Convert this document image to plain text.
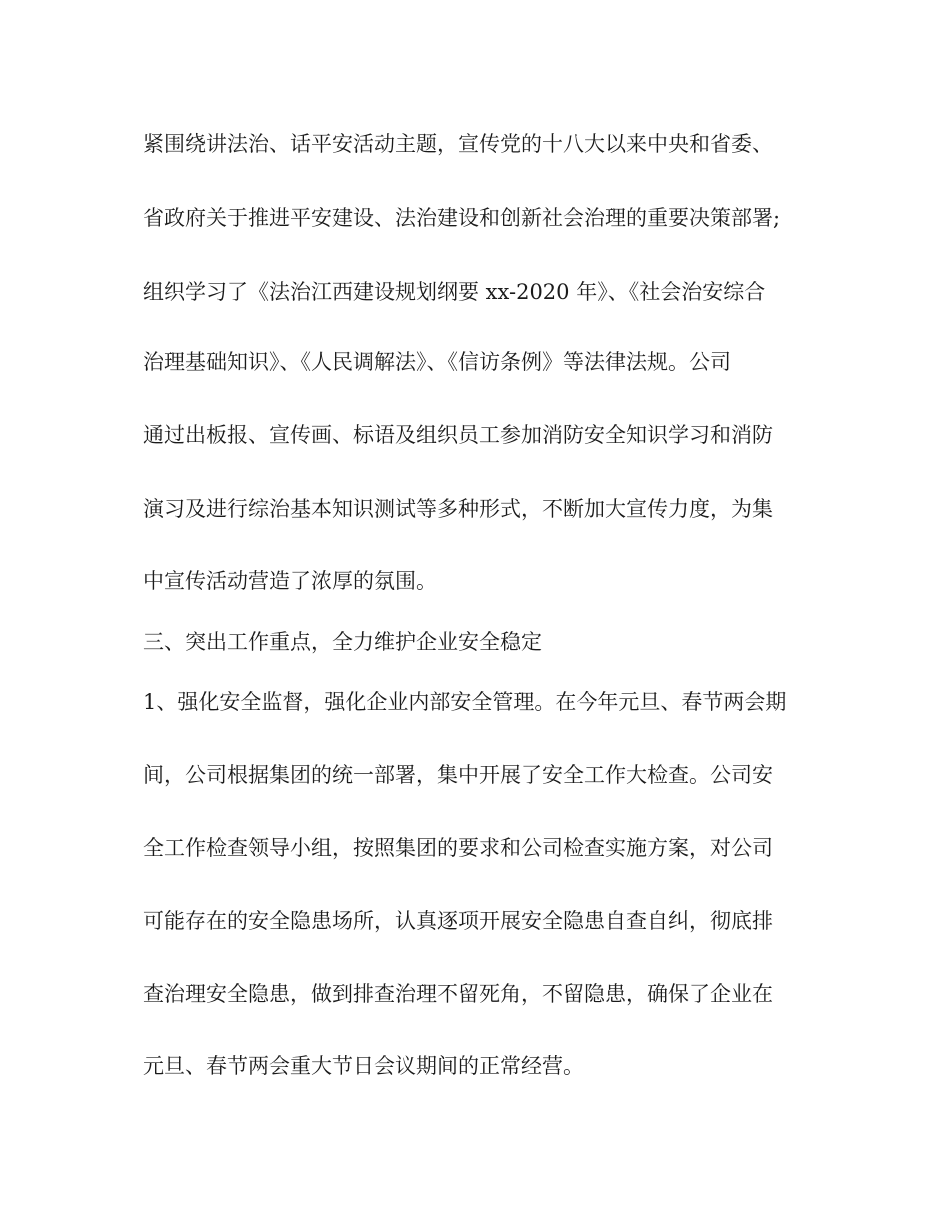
紧围绕讲法治、话平安活动主题，宣传党的十八大以来中央和省委、
省政府关于推进平安建设、法治建设和创新社会治理的重要决策部署;
组织学习了《法治江西建设规划纲要 xx-2020 年》、《社会治安综合
治理基础知识》、《人民调解法》、《信访条例》等法律法规。公司
通过出板报、宣传画、标语及组织员工参加消防安全知识学习和消防
演习及进行综治基本知识测试等多种形式，不断加大宣传力度，为集
中宣传活动营造了浓厚的氛围。
三、突出工作重点，全力维护企业安全稳定
1、强化安全监督，强化企业内部安全管理。在今年元旦、春节两会期
间，公司根据集团的统一部署，集中开展了安全工作大检查。公司安
全工作检查领导小组，按照集团的要求和公司检查实施方案，对公司
可能存在的安全隐患场所，认真逐项开展安全隐患自查自纠，彻底排
查治理安全隐患，做到排查治理不留死角，不留隐患，确保了企业在
元旦、春节两会重大节日会议期间的正常经营。
